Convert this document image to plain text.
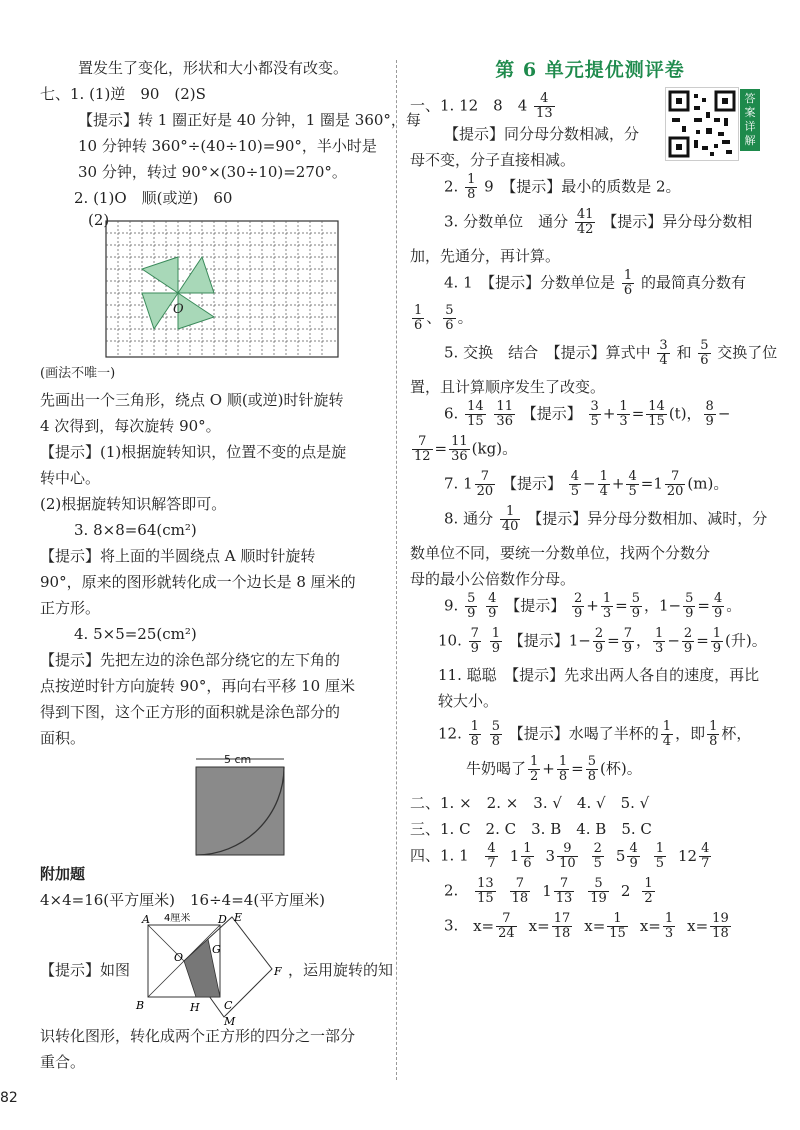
置发生了变化，形状和大小都没有改变。
七、1. (1)逆　90　(2)S
【提示】转 1 圈正好是 40 分钟，1 圈是 360°，每
10 分钟转 360°÷(40÷10)=90°，半小时是
30 分钟，转过 90°×(30÷10)=270°。
2. (1)O　顺(或逆)　60
(2)
O
(画法不唯一)
先画出一个三角形，绕点 O 顺(或逆)时针旋转
4 次得到，每次旋转 90°。
【提示】(1)根据旋转知识，位置不变的点是旋
转中心。
(2)根据旋转知识解答即可。
3. 8×8=64(cm²)
【提示】将上面的半圆绕点 A 顺时针旋转
90°，原来的图形就转化成一个边长是 8 厘米的
正方形。
4. 5×5=25(cm²)
【提示】先把左边的涂色部分绕它的左下角的
点按逆时针方向旋转 90°，再向右平移 10 厘米
得到下图，这个正方形的面积就是涂色部分的
面积。
5 cm
附加题
4×4=16(平方厘米)　16÷4=4(平方厘米)
【提示】如图
A 4厘米	D E
O
G
B	H C
F
M
，运用旋转的知
识转化图形，转化成两个正方形的四分之一部分
重合。
第 6 单元提优测评卷
答案详解
一、1. 12　8　$4 \frac{4}{13}$
【提示】同分母分数相减，分
母不变，分子直接相减。
2. $\frac{1}{8} 9$　【提示】最小的质数是 2。
3. 分数单位　通分 $\frac{41}{42}$ 【提示】异分母分数相
加，先通分，再计算。
4. 1　【提示】分数单位是 $\frac{1}{6}$ 的最简真分数有
$\frac{1}{6}$ 、 $\frac{5}{6}$ 。
5. 交换　结合　【提示】算式中 $\frac{3}{4}$ 和 $\frac{5}{6}$ 交换了位
置，且计算顺序发生了改变。
6. $\frac{14}{15}$
$\frac{11}{36}$ 【提示】 $\frac{3}{5} + \frac{1}{3} = \frac{14}{15} (t)$， $\frac{8}{9}$ −
$\frac{7}{12} = \frac{11}{36} (kg)$。
7. $1 \frac{7}{20}$ 【提示】 $\frac{4}{5} - \frac{1}{4} + \frac{4}{5} =1 \frac{7}{20} (m)$。
8. 通分 $\frac{1}{40}$ 【提示】异分母分数相加、减时，分
数单位不同，要统一分数单位，找两个分数分
母的最小公倍数作分母。
9. $\frac{5}{9}$
$\frac{4}{9}$ 【提示】 $\frac{2}{9} + \frac{1}{3} = \frac{5}{9}$ ，$1- \frac{5}{9} = \frac{4}{9}$ 。
10. $\frac{7}{9}$
$\frac{1}{9}$ 【提示】$1- \frac{2}{9} = \frac{7}{9}$ ， $\frac{1}{3} - \frac{2}{9} = \frac{1}{9}$ (升)。
11. 聪聪　【提示】先求出两人各自的速度，再比
较大小。
12. $\frac{1}{8}$
$\frac{5}{8}$ 【提示】水喝了半杯的 $\frac{1}{4}$ ，即 $\frac{1}{8}$ 杯，
牛奶喝了 $\frac{1}{2} + \frac{1}{8} = \frac{5}{8}$ (杯)。
二、1. ×　2. ×　3. √　4. √　5. √
三、1. C　2. C　3. B　4. B　5. C
四、1. $1 \frac{4}{7} 1 \frac{1}{6} 3 \frac{9}{10} \frac{2}{5} 5 \frac{4}{9} \frac{1}{5} 12 \frac{4}{7}$
2. $\frac{13}{15} \frac{7}{18} 1 \frac{7}{13} \frac{5}{19} 2 \frac{1}{2}$
3. $x= \frac{7}{24} x= \frac{17}{18} x= \frac{1}{15} x= \frac{1}{3} x= \frac{19}{18}$
82
